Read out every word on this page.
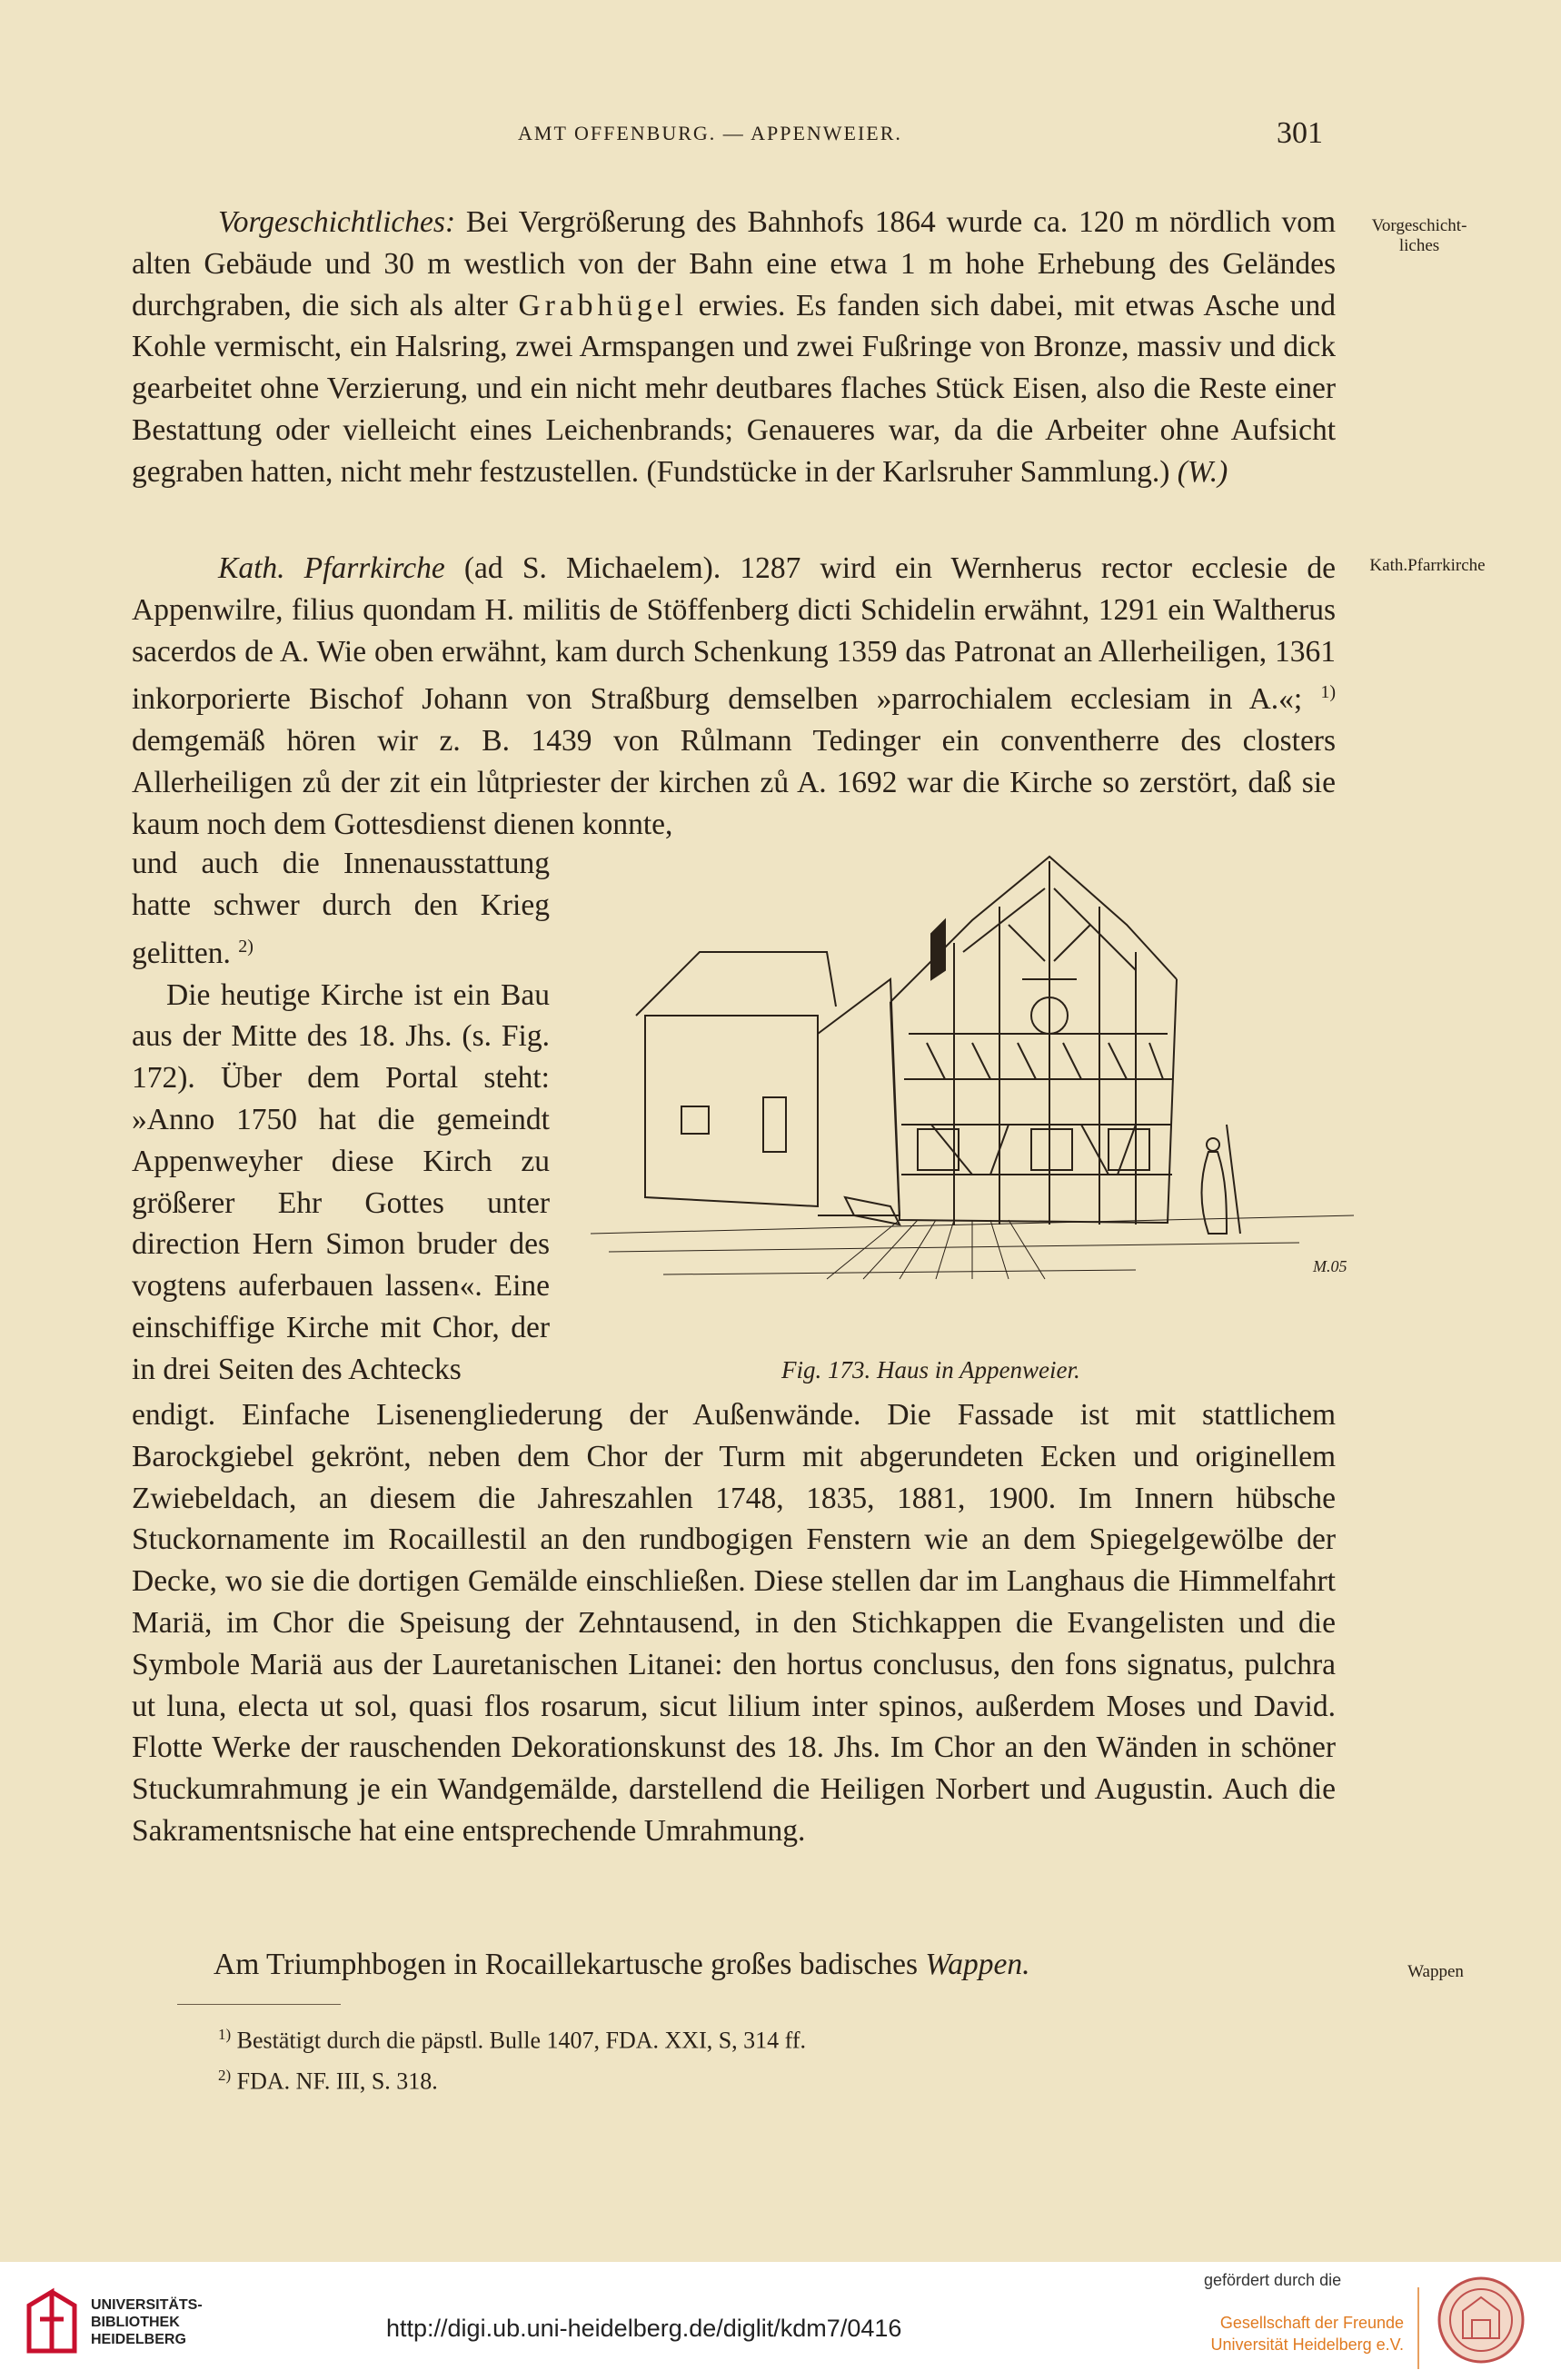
AMT OFFENBURG. — APPENWEIER.	301
Vorgeschicht-
liches
Kath.Pfarrkirche
Wappen

Vorgeschichtliches: Bei Vergrößerung des Bahnhofs 1864 wurde ca. 120 m nördlich vom alten Gebäude und 30 m westlich von der Bahn eine etwa 1 m hohe Erhebung des Geländes durchgraben, die sich als alter Grabhügel erwies. Es fanden sich dabei, mit etwas Asche und Kohle vermischt, ein Halsring, zwei Armspangen und zwei Fußringe von Bronze, massiv und dick gearbeitet ohne Verzierung, und ein nicht mehr deutbares flaches Stück Eisen, also die Reste einer Bestattung oder vielleicht eines Leichenbrands; Genaueres war, da die Arbeiter ohne Aufsicht gegraben hatten, nicht mehr festzustellen. (Fundstücke in der Karlsruher Sammlung.) (W.)

Kath. Pfarrkirche (ad S. Michaelem). 1287 wird ein Wernherus rector ecclesie de Appenwilre, filius quondam H. militis de Stöffenberg dicti Schidelin erwähnt, 1291 ein Waltherus sacerdos de A. Wie oben erwähnt, kam durch Schenkung 1359 das Patronat an Allerheiligen, 1361 inkorporierte Bischof Johann von Straßburg demselben »parrochialem ecclesiam in A.«; $^{1)}$ demgemäß hören wir z. B. 1439 von Růlmann Tedinger ein conventherre des closters Allerheiligen zů der zit ein lůtpriester der kirchen zů A. 1692 war die Kirche so zerstört, daß sie kaum noch dem Gottesdienst dienen konnte,

und auch die Innenausstattung hatte schwer durch den Krieg gelitten. $^{2)}$

Die heutige Kirche ist ein Bau aus der Mitte des 18. Jhs. (s. Fig. 172). Über dem Portal steht: »Anno 1750 hat die gemeindt Appenweyher diese Kirch zu größerer Ehr Gottes unter direction Hern Simon bruder des vogtens auferbauen lassen«. Eine einschiffige Kirche mit Chor, der in drei Seiten des Achtecks

M.05
Fig. 173. Haus in Appenweier.

endigt. Einfache Lisenengliederung der Außenwände. Die Fassade ist mit stattlichem Barockgiebel gekrönt, neben dem Chor der Turm mit abgerundeten Ecken und originellem Zwiebeldach, an diesem die Jahreszahlen 1748, 1835, 1881, 1900. Im Innern hübsche Stuckornamente im Rocaillestil an den rundbogigen Fenstern wie an dem Spiegelgewölbe der Decke, wo sie die dortigen Gemälde einschließen. Diese stellen dar im Langhaus die Himmelfahrt Mariä, im Chor die Speisung der Zehntausend, in den Stichkappen die Evangelisten und die Symbole Mariä aus der Lauretanischen Litanei: den hortus conclusus, den fons signatus, pulchra ut luna, electa ut sol, quasi flos rosarum, sicut lilium inter spinos, außerdem Moses und David. Flotte Werke der rauschenden Dekorationskunst des 18. Jhs. Im Chor an den Wänden in schöner Stuckumrahmung je ein Wandgemälde, darstellend die Heiligen Norbert und Augustin. Auch die Sakramentsnische hat eine entsprechende Umrahmung.

Am Triumphbogen in Rocaillekartusche großes badisches Wappen.

$^{1)}$ Bestätigt durch die päpstl. Bulle 1407, FDA. XXI, S, 314 ff.
$^{2)}$ FDA. NF. III, S. 318.
UNIVERSITÄTS-
BIBLIOTHEK
HEIDELBERG	http://digi.ub.uni-heidelberg.de/diglit/kdm7/0416
gefördert durch die
Gesellschaft der Freunde
Universität Heidelberg e.V.
